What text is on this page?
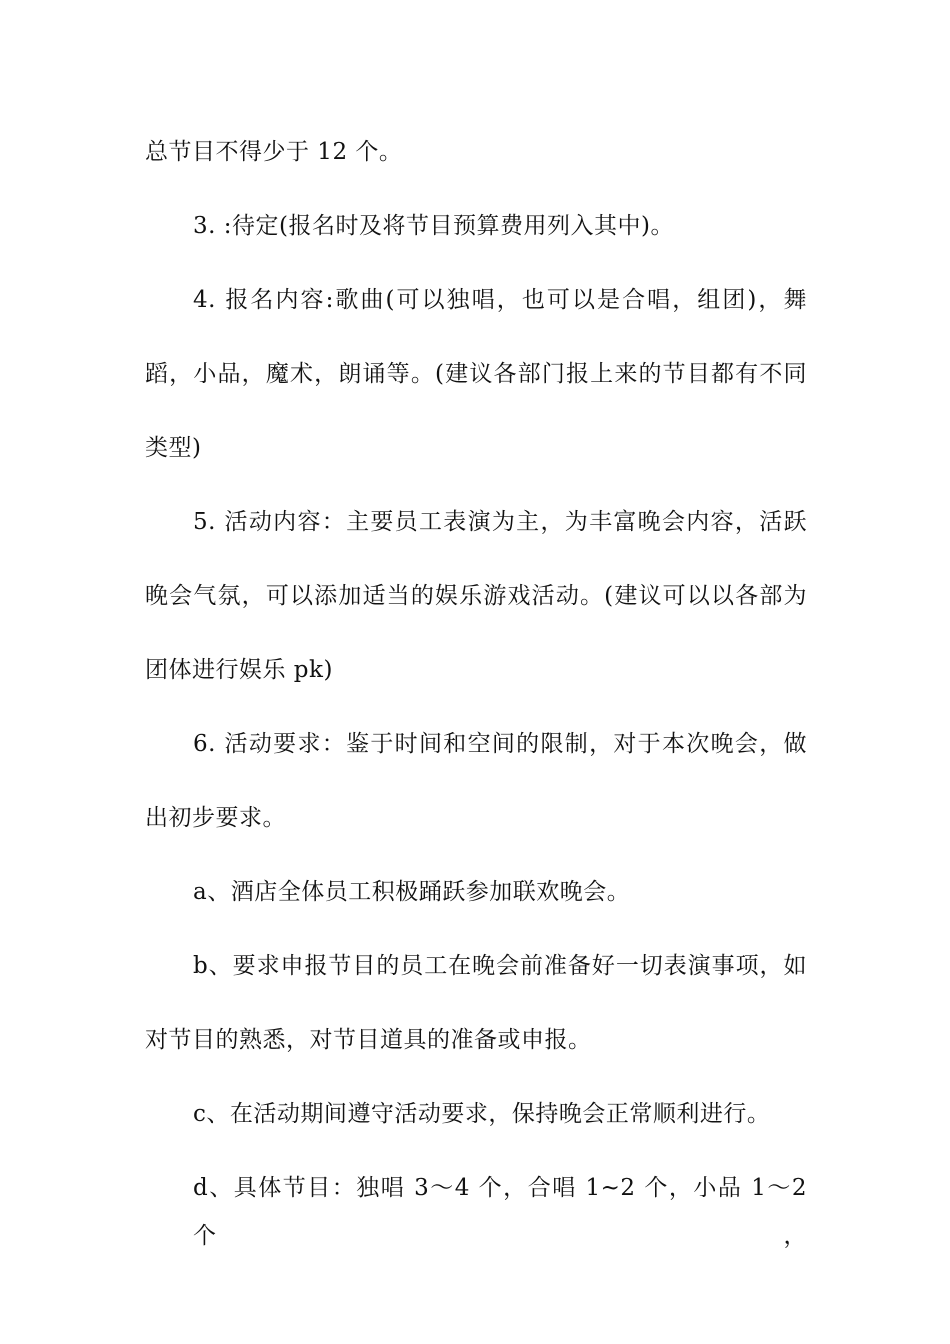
总节目不得少于 12 个。
3. :待定(报名时及将节目预算费用列入其中)。
4. 报名内容:歌曲(可以独唱，也可以是合唱，组团)，舞
蹈，小品，魔术，朗诵等。(建议各部门报上来的节目都有不同
类型)
5. 活动内容：主要员工表演为主，为丰富晚会内容，活跃
晚会气氛，可以添加适当的娱乐游戏活动。(建议可以以各部为
团体进行娱乐 pk)
6. 活动要求：鉴于时间和空间的限制，对于本次晚会，做
出初步要求。
a、酒店全体员工积极踊跃参加联欢晚会。
b、要求申报节目的员工在晚会前准备好一切表演事项，如
对节目的熟悉，对节目道具的准备或申报。
c、在活动期间遵守活动要求，保持晚会正常顺利进行。
d、具体节目：独唱 3～4 个，合唱 1~2 个，小品 1～2 个，
